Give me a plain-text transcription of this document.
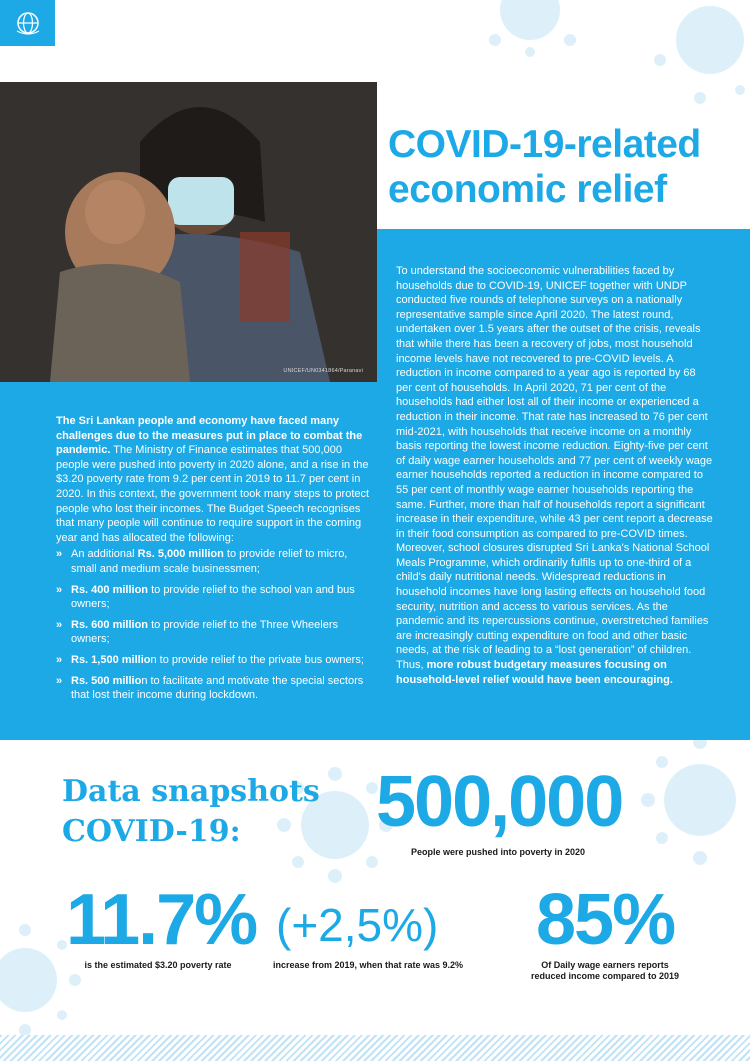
UNICEF/UN0341864/Paranavi
COVID-19-related economic relief

The Sri Lankan people and economy have faced many challenges due to the measures put in place to combat the pandemic. The Ministry of Finance estimates that 500,000 people were pushed into poverty in 2020 alone, and a rise in the $3.20 poverty rate from 9.2 per cent in 2019 to 11.7 per cent in 2020. In this context, the government took many steps to protect people who lost their incomes. The Budget Speech recognises that many people will continue to require support in the coming year and has allocated the following:

» An additional Rs. 5,000 million to provide relief to micro, small and medium scale businessmen;
» Rs. 400 million to provide relief to the school van and bus owners;
» Rs. 600 million to provide relief to the Three Wheelers owners;
» Rs. 1,500 million to provide relief to the private bus owners;
» Rs. 500 million to facilitate and motivate the special sectors that lost their income during lockdown.

To understand the socioeconomic vulnerabilities faced by households due to COVID-19, UNICEF together with UNDP conducted five rounds of telephone surveys on a nationally representative sample since April 2020. The latest round, undertaken over 1.5 years after the outset of the crisis, reveals that while there has been a recovery of jobs, most household income levels have not recovered to pre-COVID levels. A reduction in income compared to a year ago is reported by 68 per cent of households. In April 2020, 71 per cent of the households had either lost all of their income or experienced a reduction in their income. That rate has increased to 76 per cent mid-2021, with households that receive income on a monthly basis reporting the lowest income reduction. Eighty-five per cent of daily wage earner households and 77 per cent of weekly wage earner households reported a reduction in income compared to 55 per cent of monthly wage earner households reporting the same. Further, more than half of households report a significant increase in their expenditure, while 43 per cent report a decrease in their food consumption as compared to pre-COVID times. Moreover, school closures disrupted Sri Lanka's National School Meals Programme, which ordinarily fulfils up to one-third of a child's daily nutritional needs. Widespread reductions in household incomes have long lasting effects on household food security, nutrition and access to various services. As the pandemic and its repercussions continue, overstretched families are increasingly cutting expenditure on food and other basic needs, at the risk of leading to a “lost generation” of children. Thus, more robust budgetary measures focusing on household-level relief would have been encouraging.

Data snapshots
COVID-19:	500,000
People were pushed into poverty in 2020
11.7%
is the estimated $3.20 poverty rate
(+2,5%)
increase from 2019, when that rate was 9.2%
85%
Of Daily wage earners reports
reduced income compared to 2019
